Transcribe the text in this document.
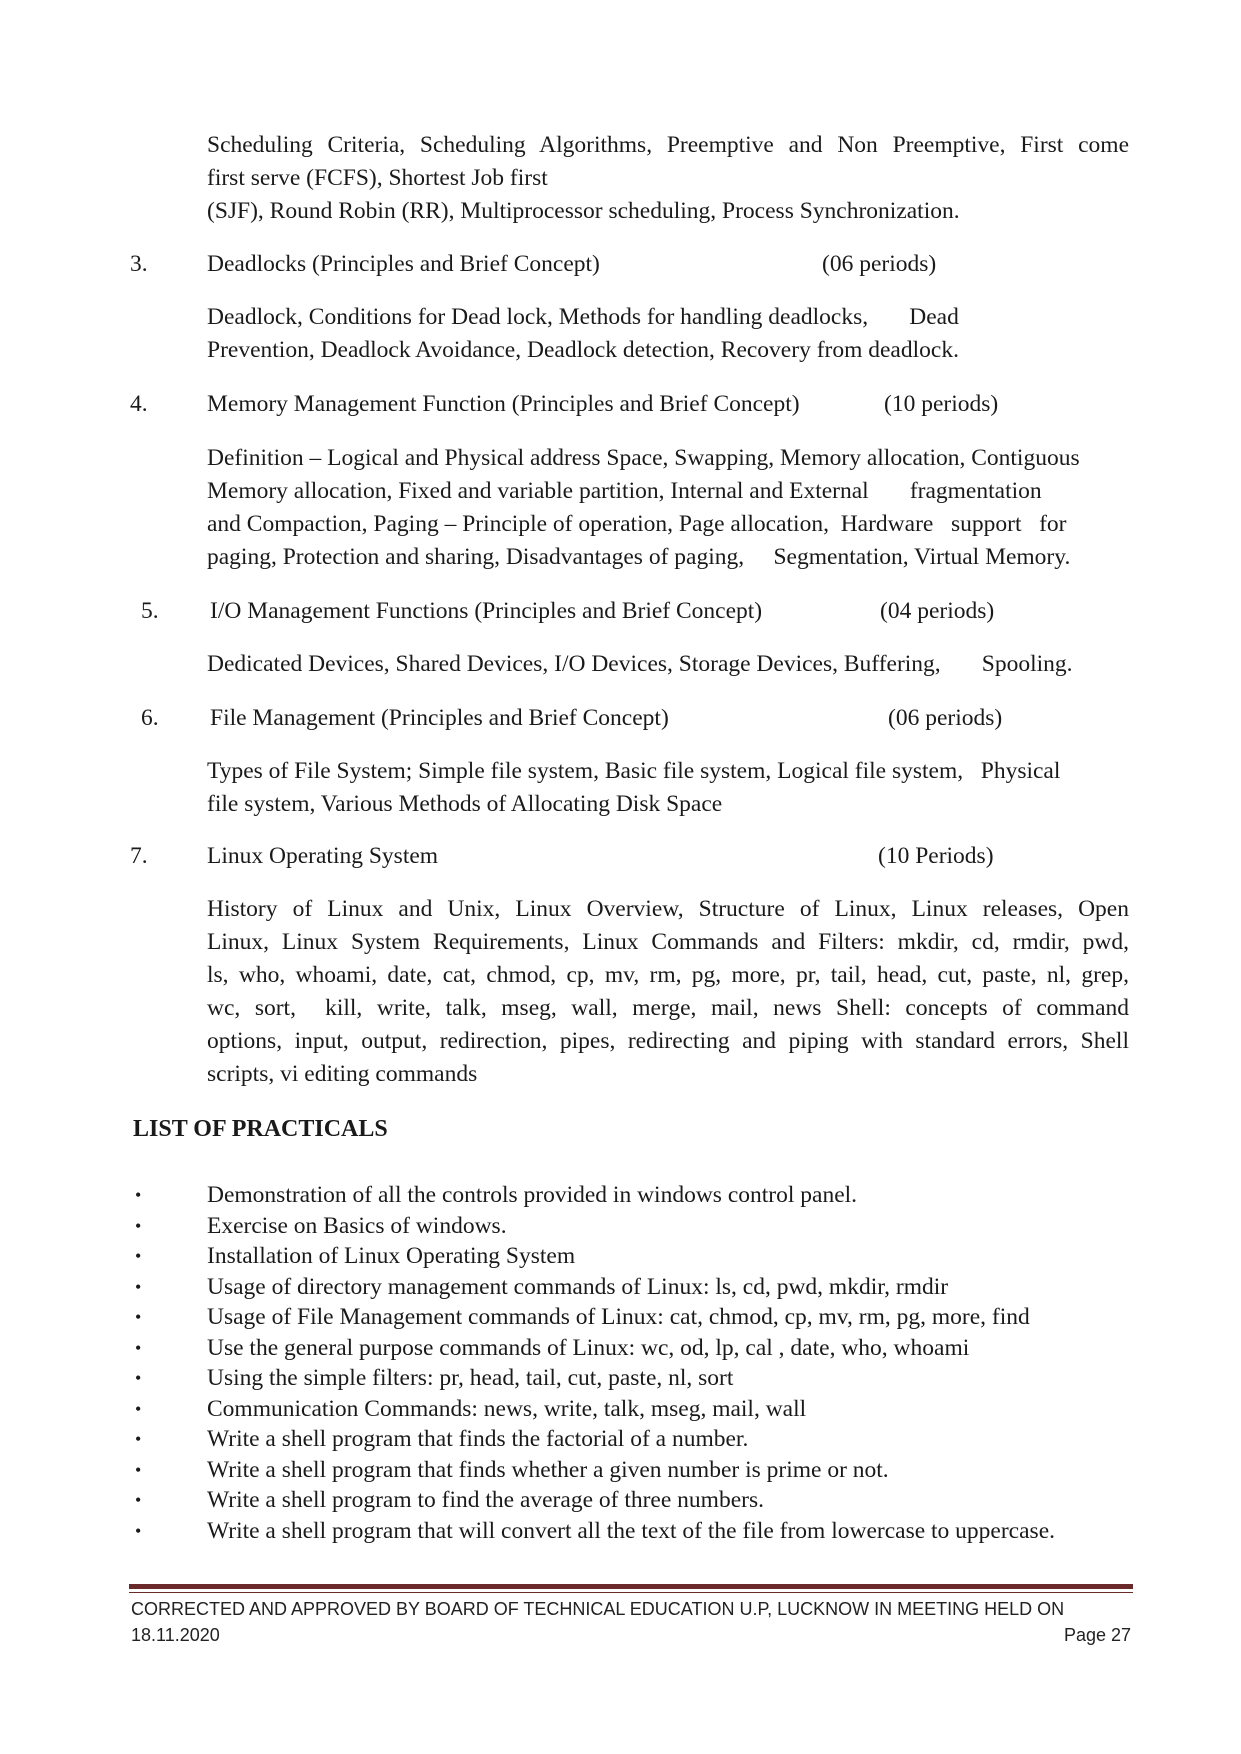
Scheduling Criteria, Scheduling Algorithms, Preemptive and Non Preemptive, First come
first serve (FCFS), Shortest Job first
(SJF), Round Robin (RR), Multiprocessor scheduling, Process Synchronization.
3.	Deadlocks (Principles and Brief Concept)	(06 periods)
Deadlock, Conditions for Dead lock, Methods for handling deadlocks,       Dead
Prevention, Deadlock Avoidance, Deadlock detection, Recovery from deadlock.
4.	Memory Management Function (Principles and Brief Concept)	(10 periods)
Definition – Logical and Physical address Space, Swapping, Memory allocation, Contiguous
Memory allocation, Fixed and variable partition, Internal and External       fragmentation
and Compaction, Paging – Principle of operation, Page allocation,  Hardware   support   for
paging, Protection and sharing, Disadvantages of paging,     Segmentation, Virtual Memory.
5. I/O Management Functions (Principles and Brief Concept)	(04 periods)
Dedicated Devices, Shared Devices, I/O Devices, Storage Devices, Buffering,       Spooling.
6. File Management (Principles and Brief Concept)	(06 periods)
Types of File System; Simple file system, Basic file system, Logical file system,   Physical
file system, Various Methods of Allocating Disk Space
7.	Linux Operating System	(10 Periods)
History of Linux and Unix, Linux Overview, Structure of Linux, Linux releases, Open
Linux, Linux System Requirements, Linux Commands and Filters: mkdir, cd, rmdir, pwd,
ls, who, whoami, date, cat, chmod, cp, mv, rm, pg, more, pr, tail, head, cut, paste, nl, grep,
wc, sort,  kill, write, talk, mseg, wall, merge, mail, news Shell: concepts of command
options, input, output, redirection, pipes, redirecting and piping with standard errors, Shell
scripts, vi editing commands
LIST OF PRACTICALS
•	Demonstration of all the controls provided in windows control panel.
•	Exercise on Basics of windows.
•	Installation of Linux Operating System
•	Usage of directory management commands of Linux: ls, cd, pwd, mkdir, rmdir
•	Usage of File Management commands of Linux: cat, chmod, cp, mv, rm, pg, more, find
•	Use the general purpose commands of Linux: wc, od, lp, cal , date, who, whoami
•	Using the simple filters: pr, head, tail, cut, paste, nl, sort
•	Communication Commands: news, write, talk, mseg, mail, wall
•	Write a shell program that finds the factorial of a number.
•	Write a shell program that finds whether a given number is prime or not.
•	Write a shell program to find the average of three numbers.
•	Write a shell program that will convert all the text of the file from lowercase to uppercase.
CORRECTED AND APPROVED BY BOARD OF TECHNICAL EDUCATION U.P, LUCKNOW IN MEETING HELD ON
18.11.2020	Page 27
